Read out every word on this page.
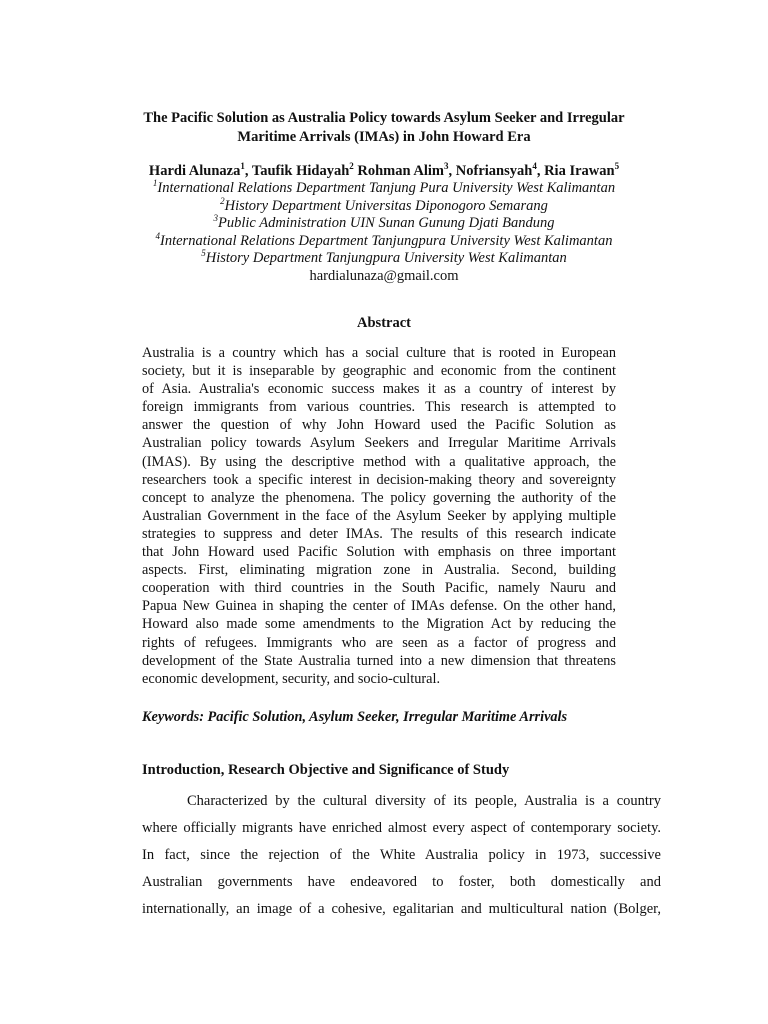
The Pacific Solution as Australia Policy towards Asylum Seeker and Irregular
Maritime Arrivals (IMAs) in John Howard Era
Hardi Alunaza$^1$, Taufik Hidayah$^2$ Rohman Alim$^3$, Nofriansyah$^4$, Ria Irawan$^5$
$^1$International Relations Department Tanjung Pura University West Kalimantan
$^2$History Department Universitas Diponogoro Semarang
$^3$Public Administration UIN Sunan Gunung Djati Bandung
$^4$International Relations Department Tanjungpura University West Kalimantan
$^5$History Department Tanjungpura University West Kalimantan
hardialunaza@gmail.com
Abstract
Australia is a country which has a social culture that is rooted in European
society, but it is inseparable by geographic and economic from the continent
of Asia. Australia's economic success makes it as a country of interest by
foreign immigrants from various countries. This research is attempted to
answer the question of why John Howard used the Pacific Solution as
Australian policy towards Asylum Seekers and Irregular Maritime Arrivals
(IMAS). By using the descriptive method with a qualitative approach, the
researchers took a specific interest in decision-making theory and sovereignty
concept to analyze the phenomena. The policy governing the authority of the
Australian Government in the face of the Asylum Seeker by applying multiple
strategies to suppress and deter IMAs. The results of this research indicate
that John Howard used Pacific Solution with emphasis on three important
aspects. First, eliminating migration zone in Australia. Second, building
cooperation with third countries in the South Pacific, namely Nauru and
Papua New Guinea in shaping the center of IMAs defense. On the other hand,
Howard also made some amendments to the Migration Act by reducing the
rights of refugees. Immigrants who are seen as a factor of progress and
development of the State Australia turned into a new dimension that threatens
economic development, security, and socio-cultural.
Keywords: Pacific Solution, Asylum Seeker, Irregular Maritime Arrivals
Introduction, Research Objective and Significance of Study
Characterized by the cultural diversity of its people, Australia is a country
where officially migrants have enriched almost every aspect of contemporary society.
In fact, since the rejection of the White Australia policy in 1973, successive
Australian governments have endeavored to foster, both domestically and
internationally, an image of a cohesive, egalitarian and multicultural nation (Bolger,
